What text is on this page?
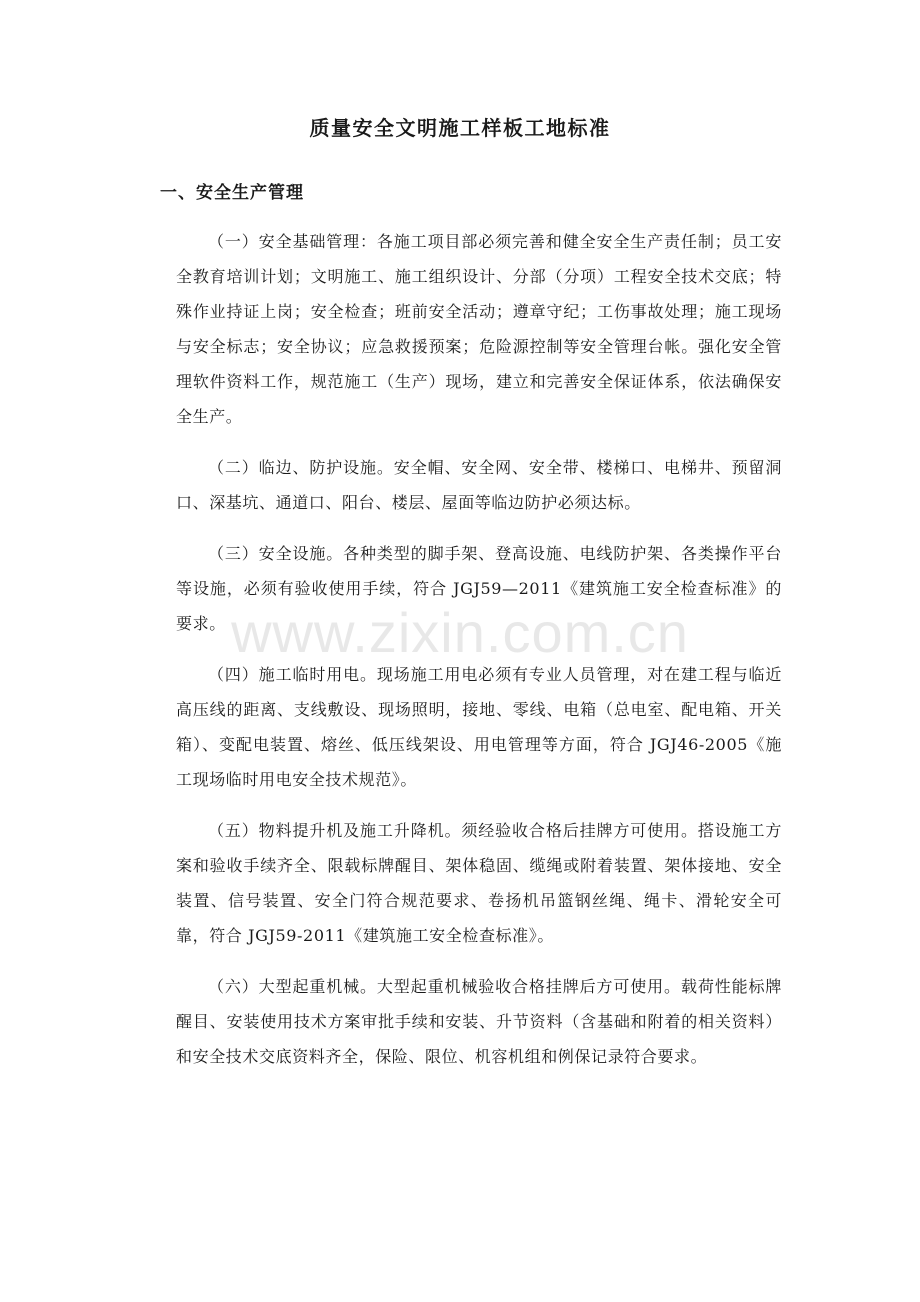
质量安全文明施工样板工地标准
一、安全生产管理

（一）安全基础管理：各施工项目部必须完善和健全安全生产责任制；员工安全教育培训计划；文明施工、施工组织设计、分部（分项）工程安全技术交底；特殊作业持证上岗；安全检查；班前安全活动；遵章守纪；工伤事故处理；施工现场与安全标志；安全协议；应急救援预案；危险源控制等安全管理台帐。强化安全管理软件资料工作，规范施工（生产）现场，建立和完善安全保证体系，依法确保安全生产。

（二）临边、防护设施。安全帽、安全网、安全带、楼梯口、电梯井、预留洞口、深基坑、通道口、阳台、楼层、屋面等临边防护必须达标。

（三）安全设施。各种类型的脚手架、登高设施、电线防护架、各类操作平台等设施，必须有验收使用手续，符合 JGJ59—2011《建筑施工安全检查标准》的要求。

（四）施工临时用电。现场施工用电必须有专业人员管理，对在建工程与临近高压线的距离、支线敷设、现场照明，接地、零线、电箱（总电室、配电箱、开关箱）、变配电装置、熔丝、低压线架设、用电管理等方面，符合 JGJ46-2005《施工现场临时用电安全技术规范》。

（五）物料提升机及施工升降机。须经验收合格后挂牌方可使用。搭设施工方案和验收手续齐全、限载标牌醒目、架体稳固、缆绳或附着装置、架体接地、安全装置、信号装置、安全门符合规范要求、卷扬机吊篮钢丝绳、绳卡、滑轮安全可靠，符合 JGJ59-2011《建筑施工安全检查标准》。

（六）大型起重机械。大型起重机械验收合格挂牌后方可使用。载荷性能标牌醒目、安装使用技术方案审批手续和安装、升节资料（含基础和附着的相关资料）和安全技术交底资料齐全，保险、限位、机容机组和例保记录符合要求。

www.zixin.com.cn
